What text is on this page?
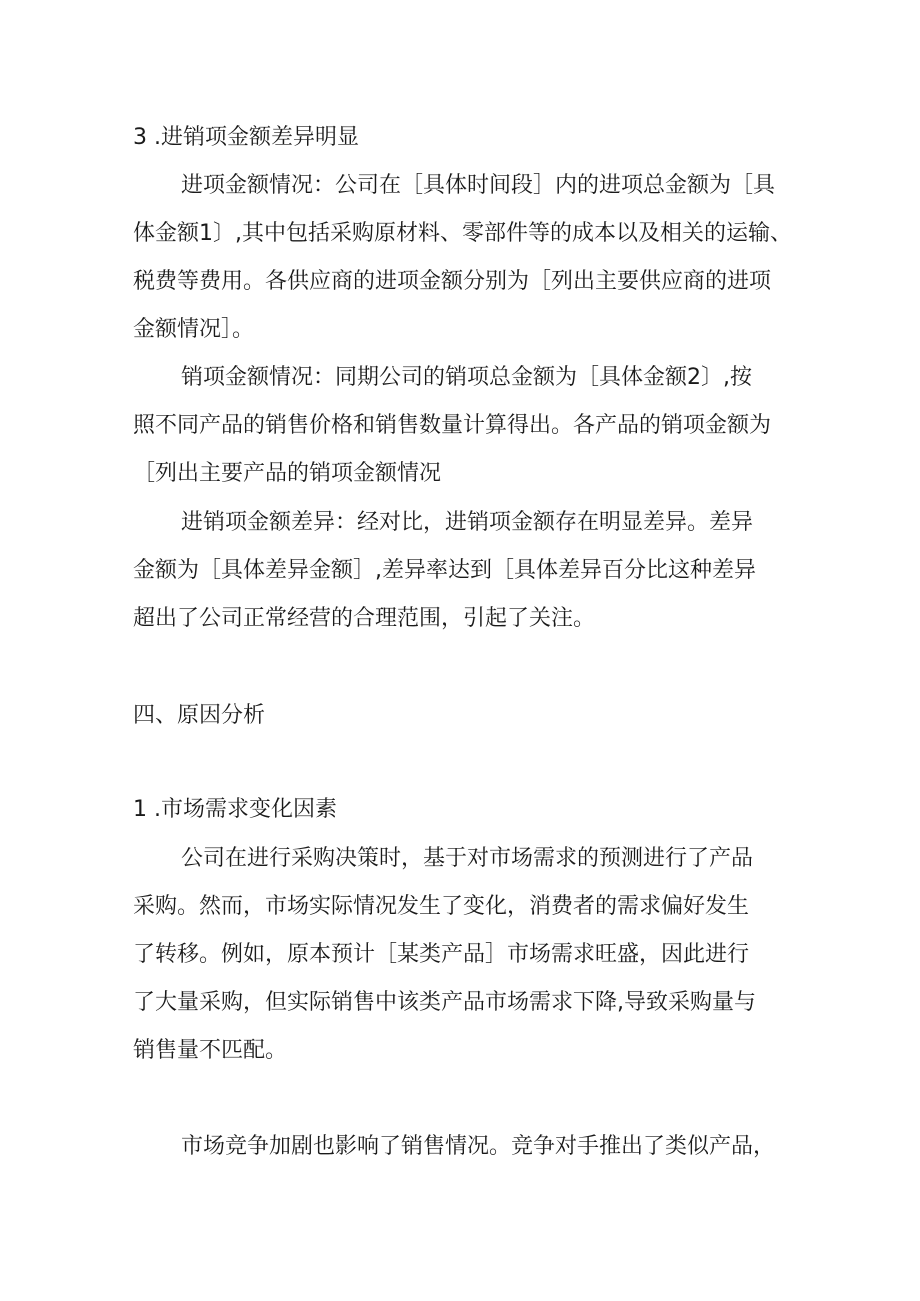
3 .进销项金额差异明显
进项金额情况：公司在［具体时间段］内的进项总金额为［具
体金额1〕,其中包括采购原材料、零部件等的成本以及相关的运输、
税费等费用。各供应商的进项金额分别为［列出主要供应商的进项
金额情况］。
销项金额情况：同期公司的销项总金额为［具体金额2〕,按
照不同产品的销售价格和销售数量计算得出。各产品的销项金额为
［列出主要产品的销项金额情况
进销项金额差异：经对比，进销项金额存在明显差异。差异
金额为［具体差异金额］,差异率达到［具体差异百分比这种差异
超出了公司正常经营的合理范围，引起了关注。
四、原因分析
1 .市场需求变化因素
公司在进行采购决策时，基于对市场需求的预测进行了产品
采购。然而，市场实际情况发生了变化，消费者的需求偏好发生
了转移。例如，原本预计［某类产品］市场需求旺盛，因此进行
了大量采购，但实际销售中该类产品市场需求下降,导致采购量与
销售量不匹配。
市场竞争加剧也影响了销售情况。竞争对手推出了类似产品，
